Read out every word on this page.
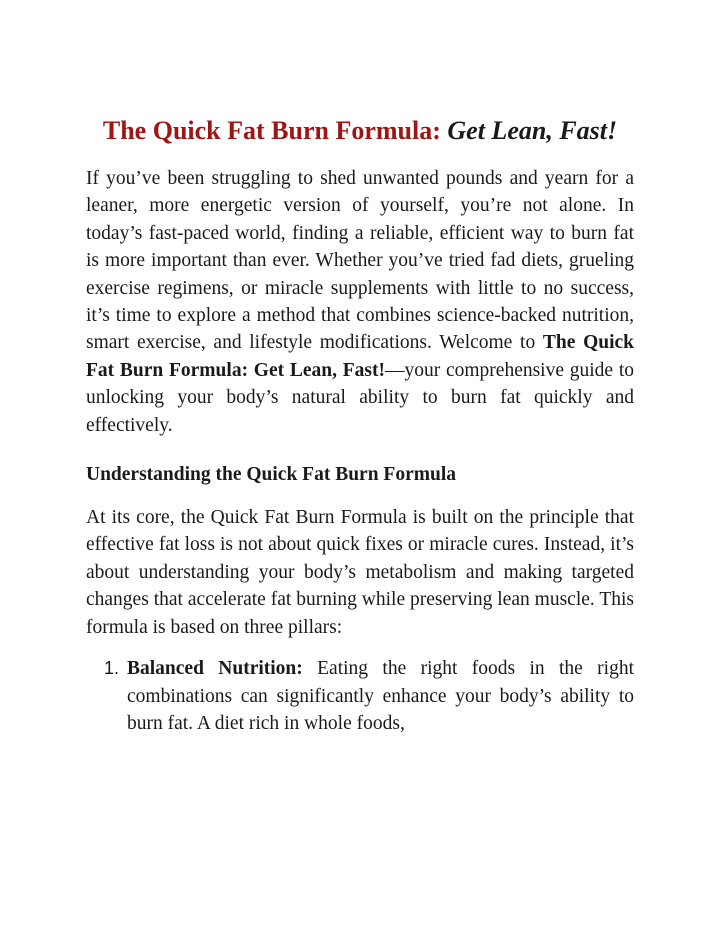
The Quick Fat Burn Formula: Get Lean, Fast!

If you’ve been struggling to shed unwanted pounds and yearn for a leaner, more energetic version of yourself, you’re not alone. In today’s fast-paced world, finding a reliable, efficient way to burn fat is more important than ever. Whether you’ve tried fad diets, grueling exercise regimens, or miracle supplements with little to no success, it’s time to explore a method that combines science-backed nutrition, smart exercise, and lifestyle modifications. Welcome to The Quick Fat Burn Formula: Get Lean, Fast!—your comprehensive guide to unlocking your body’s natural ability to burn fat quickly and effectively.

Understanding the Quick Fat Burn Formula

At its core, the Quick Fat Burn Formula is built on the principle that effective fat loss is not about quick fixes or miracle cures. Instead, it’s about understanding your body’s metabolism and making targeted changes that accelerate fat burning while preserving lean muscle. This formula is based on three pillars:

1. Balanced Nutrition: Eating the right foods in the right combinations can significantly enhance your body’s ability to burn fat. A diet rich in whole foods,
